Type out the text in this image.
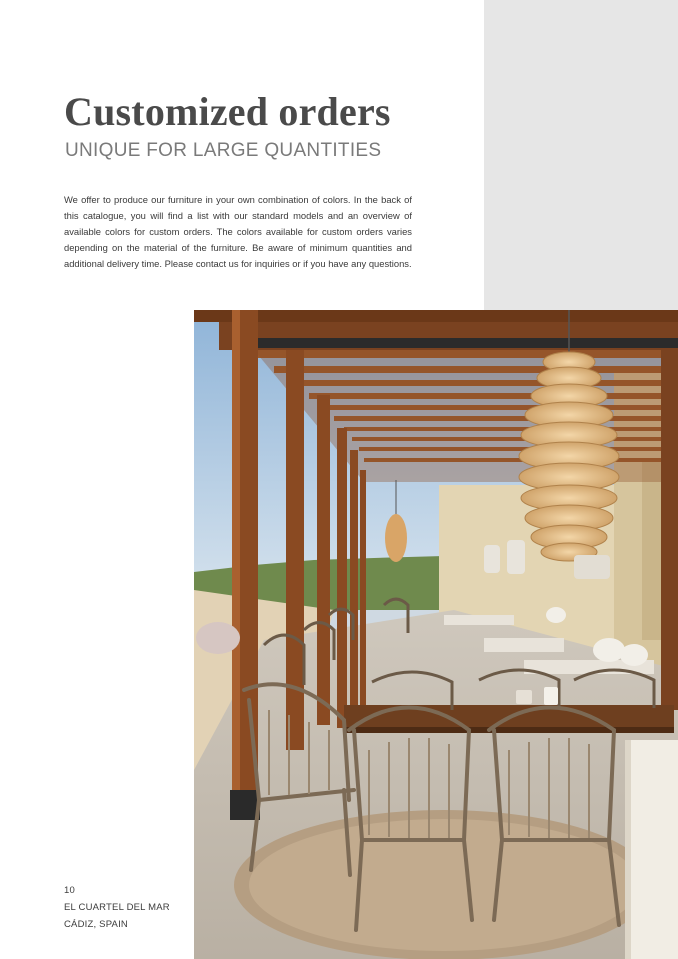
Customized orders
UNIQUE FOR LARGE QUANTITIES

We offer to produce our furniture in your own combination of colors. In the back of this catalogue, you will find a list with our standard models and an overview of available colors for custom orders. The colors available for custom orders varies depending on the material of the furniture. Be aware of minimum quantities and additional delivery time. Please contact us for inquiries or if you have any questions.

10
EL CUARTEL DEL MAR
CÁDIZ, SPAIN
